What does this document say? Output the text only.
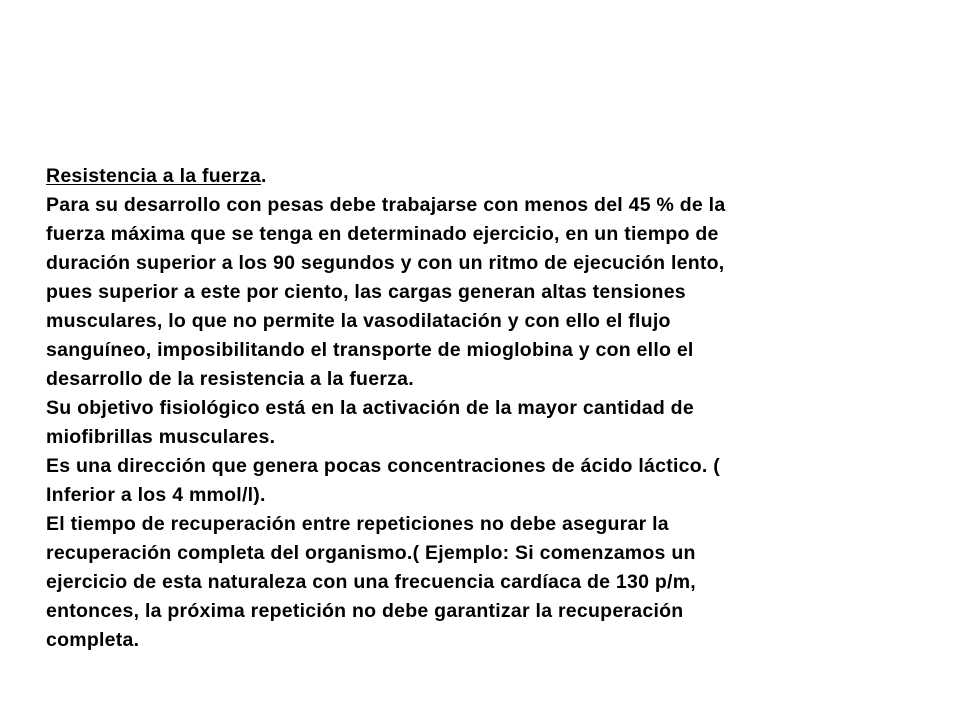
Resistencia a la fuerza.
Para su desarrollo con pesas debe trabajarse con menos del 45 % de la
fuerza máxima que se tenga en determinado ejercicio, en un tiempo de
duración superior a los 90 segundos y con un ritmo de ejecución lento,
pues superior a este por ciento, las cargas generan altas tensiones
musculares, lo que no permite la vasodilatación y con ello el flujo
sanguíneo, imposibilitando el transporte de mioglobina y con ello el
desarrollo de la resistencia a la fuerza.
Su objetivo fisiológico está en la activación de la mayor cantidad de
miofibrillas musculares.
Es una dirección que genera pocas concentraciones de ácido láctico. (
Inferior a los 4 mmol/l).
El tiempo de recuperación entre repeticiones no debe asegurar la
recuperación completa del organismo.( Ejemplo: Si comenzamos un
ejercicio de esta naturaleza con una frecuencia cardíaca de 130 p/m,
entonces, la próxima repetición no debe garantizar la recuperación
completa.
